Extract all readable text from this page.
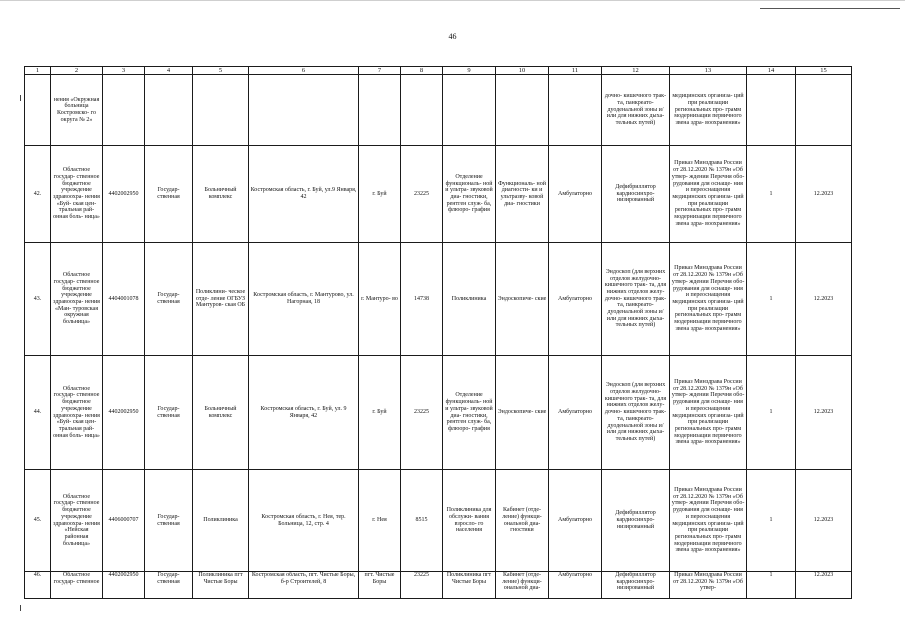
46
1	2	3	4	5	6	7	8	9	10	11	12	13	14	15
	нения «Окружная больница Костромско- го округа № 2»										дочно- кишечного трак- та, панкреато- дуоденальной зоны и/или для нижних дыха- тельных путей)	медицинских организа- ций при реализации региональных про- грамм модернизации первичного звена здра- воохранения»		
42.	Областное государ- ственное бюджетное учреждение здравоохра- нения «Буй- ская цен- тральная рай- онная боль- ница»	4402002950	Государ- ственная	Больничный комплекс	Костромская область, г. Буй, ул.9 Января, 42	г. Буй	23225	Отделение функциональ- ной и ультра- звуковой диа- гностики, рентген служ- ба, флюоро- графия	Функциональ- ной диагности- ки и ультразву- ковой диа- гностики	Амбулаторно	Дефибриллятор кардиосинхро- низированный	Приказ Минздрава России от 28.12.2020 № 1379н «Об утвер- ждении Перечня обо- рудования для оснаще- ния и переоснащения медицинских организа- ций при реализации региональных про- грамм модернизации первичного звена здра- воохранения»	1	12.2023
43.	Областное государ- ственное бюджетное учреждение здравоохра- нения «Ман- туровская окружная больница»	4404001078	Государ- ственная	Поликлини- ческое отде- ление ОГБУЗ Мантуров- ская ОБ	Костромская область, г. Мантурово, ул. Нагорная, 18	г. Мантуро- во	14738	Поликлиника	Эндоскопиче- ские	Амбулаторно	Эндоскоп (для верхних отделов желудочно- кишечного трак- та, для нижних отделов желу- дочно- кишечного трак- та, панкреато- дуоденальной зоны и/или для нижних дыха- тельных путей)	Приказ Минздрава России от 28.12.2020 № 1379н «Об утвер- ждении Перечня обо- рудования для оснаще- ния и переоснащения медицинских организа- ций при реализации региональных про- грамм модернизации первичного звена здра- воохранения»	1	12.2023
44.	Областное государ- ственное бюджетное учреждение здравоохра- нения «Буй- ская цен- тральная рай- онная боль- ница»	4402002950	Государ- ственная	Больничный комплекс	Костромская область, г. Буй, ул. 9 Января, 42	г. Буй	23225	Отделение функциональ- ной и ультра- звуковой диа- гностики, рентген служ- ба, флюоро- графия	Эндоскопиче- ские	Амбулаторно	Эндоскоп (для верхних отделов желудочно- кишечного трак- та, для нижних отделов желу- дочно- кишечного трак- та, панкреато- дуоденальной зоны и/или для нижних дыха- тельных путей)	Приказ Минздрава России от 28.12.2020 № 1379н «Об утвер- ждении Перечня обо- рудования для оснаще- ния и переоснащения медицинских организа- ций при реализации региональных про- грамм модернизации первичного звена здра- воохранения»	1	12.2023
45.	Областное государ- ственное бюджетное учреждение здравоохра- нения «Нейская районная больница»	4406000707	Государ- ственная	Поликлиника	Костромская область, г. Нея, тер. Больница, 12, стр. 4	г. Нея	8515	Поликлиника для обслужи- вания взросло- го населения	Кабинет (отде- ление) функци- ональной диа- гностики	Амбулаторно	Дефибриллятор кардиосинхро- низированный	Приказ Минздрава России от 28.12.2020 № 1379н «Об утвер- ждении Перечня обо- рудования для оснаще- ния и переоснащения медицинских организа- ций при реализации региональных про- грамм модернизации первичного звена здра- воохранения»	1	12.2023
46.	Областное государ- ственное	4402002950	Государ- ственная	Поликлиника пгт Чистые Боры	Костромская область, пгт. Чистые Боры, б-р Строителей, 8	пгт. Чистые Боры	23225	Поликлиника пгт Чистые Боры	Кабинет (отде- ление) функци- ональной диа-	Амбулаторно	Дефибриллятор кардиосинхро- низированный	Приказ Минздрава России от 28.12.2020 № 1379н «Об утвер-	1	12.2023
